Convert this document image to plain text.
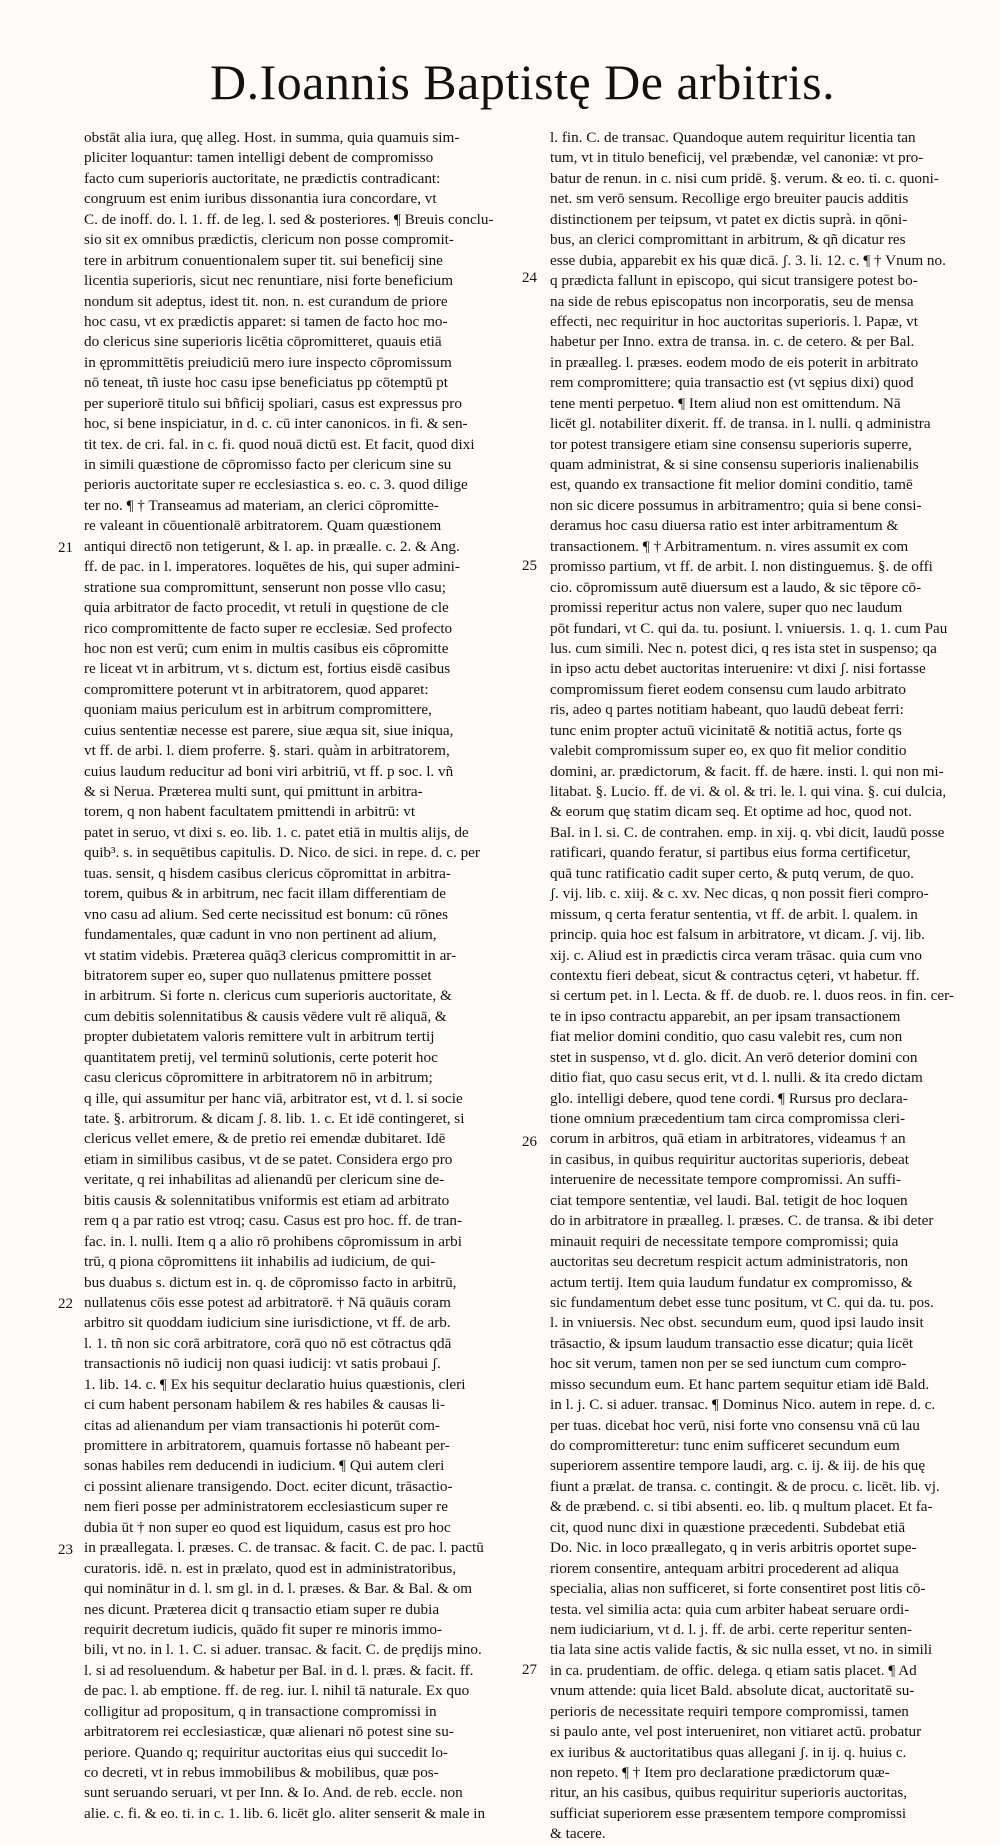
D.Ioannis Baptistę De arbitris.
obstāt alia iura, quę alleg. Host. in summa, quia quamuis sim-
pliciter loquantur: tamen intelligi debent de compromisso
facto cum superioris auctoritate, ne prædictis contradicant:
congruum est enim iuribus dissonantia iura concordare, vt
C. de inoff. do. l. 1. ff. de leg. l. sed & posteriores. ¶ Breuis conclu-
sio sit ex omnibus prædictis, clericum non posse compromit-
tere in arbitrum conuentionalem super tit. sui beneficij sine
licentia superioris, sicut nec renuntiare, nisi forte beneficium
nondum sit adeptus, idest tit. non. n. est curandum de priore
hoc casu, vt ex prædictis apparet: si tamen de facto hoc mo-
do clericus sine superioris licētia cōpromitteret, quauis etiā
in ęprommittētis preiudiciū mero iure inspecto cōpromissum
nō teneat, tñ iuste hoc casu ipse beneficiatus pp cōtemptū pt
per superiorē titulo sui bñficij spoliari, casus est expressus pro
hoc, si bene inspiciatur, in d. c. cū inter canonicos. in fi. & sen-
tit tex. de cri. fal. in c. fi. quod nouā dictū est. Et facit, quod dixi
in simili quæstione de cōpromisso facto per clericum sine su
perioris auctoritate super re ecclesiastica s. eo. c. 3. quod dilige
ter no. ¶ † Transeamus ad materiam, an clerici cōpromitte-
re valeant in cōuentionalē arbitratorem. Quam quæstionem
antiqui directō non tetigerunt, & l. ap. in præalle. c. 2. & Ang.
ff. de pac. in l. imperatores. loquētes de his, qui super admini-
stratione sua compromittunt, senserunt non posse vllo casu;
quia arbitrator de facto procedit, vt retuli in quęstione de cle
rico compromittente de facto super re ecclesiæ. Sed profecto
hoc non est verū; cum enim in multis casibus eis cōpromitte
re liceat vt in arbitrum, vt s. dictum est, fortius eisdē casibus
compromittere poterunt vt in arbitratorem, quod apparet:
quoniam maius periculum est in arbitrum compromittere,
cuius sententiæ necesse est parere, siue æqua sit, siue iniqua,
vt ff. de arbi. l. diem proferre. §. stari. quàm in arbitratorem,
cuius laudum reducitur ad boni viri arbitriū, vt ff. p soc. l. vñ
& si Nerua. Præterea multi sunt, qui pmittunt in arbitra-
torem, q non habent facultatem pmittendi in arbitrū: vt
patet in seruo, vt dixi s. eo. lib. 1. c. patet etiā in multis alijs, de
quib³. s. in sequētibus capitulis. D. Nico. de sici. in repe. d. c. per
tuas. sensit, q hisdem casibus clericus cōpromittat in arbitra-
torem, quibus & in arbitrum, nec facit illam differentiam de
vno casu ad alium. Sed certe necissitud est bonum: cū rōnes
fundamentales, quæ cadunt in vno non pertinent ad alium,
vt statim videbis. Præterea quāq3 clericus compromittit in ar-
bitratorem super eo, super quo nullatenus pmittere posset
in arbitrum. Si forte n. clericus cum superioris auctoritate, &
cum debitis solennitatibus & causis vēdere vult rē aliquā, &
propter dubietatem valoris remittere vult in arbitrum tertij
quantitatem pretij, vel terminū solutionis, certe poterit hoc
casu clericus cōpromittere in arbitratorem nō in arbitrum;
q ille, qui assumitur per hanc viā, arbitrator est, vt d. l. si socie
tate. §. arbitrorum. & dicam ʃ. 8. lib. 1. c. Et idē contingeret, si
clericus vellet emere, & de pretio rei emendæ dubitaret. Idē
etiam in similibus casibus, vt de se patet. Considera ergo pro
veritate, q rei inhabilitas ad alienandū per clericum sine de-
bitis causis & solennitatibus vniformis est etiam ad arbitrato
rem q a par ratio est vtroq; casu. Casus est pro hoc. ff. de tran-
fac. in. l. nulli. Item q a alio rō prohibens cōpromissum in arbi
trū, q piona cōpromittens iit inhabilis ad iudicium, de qui-
bus duabus s. dictum est in. q. de cōpromisso facto in arbitrū,
nullatenus cōis esse potest ad arbitratorē. † Nā quāuis coram
arbitro sit quoddam iudicium sine iurisdictione, vt ff. de arb.
l. 1. tñ non sic corā arbitratore, corā quo nō est cōtractus qdā
transactionis nō iudicij non quasi iudicij: vt satis probaui ʃ.
1. lib. 14. c. ¶ Ex his sequitur declaratio huius quæstionis, cleri
ci cum habent personam habilem & res habiles & causas li-
citas ad alienandum per viam transactionis hi poterūt com-
promittere in arbitratorem, quamuis fortasse nō habeant per-
sonas habiles rem deducendi in iudicium. ¶ Qui autem cleri
ci possint alienare transigendo. Doct. eciter dicunt, trāsactio-
nem fieri posse per administratorem ecclesiasticum super re
dubia ūt † non super eo quod est liquidum, casus est pro hoc
in præallegata. l. præses. C. de transac. & facit. C. de pac. l. pactū
curatoris. idē. n. est in prælato, quod est in administratoribus,
qui nominātur in d. l. sm gl. in d. l. præses. & Bar. & Bal. & om
nes dicunt. Præterea dicit q transactio etiam super re dubia
requirit decretum iudicis, quādo fit super re minoris immo-
bili, vt no. in l. 1. C. si aduer. transac. & facit. C. de prędijs mino.
l. si ad resoluendum. & habetur per Bal. in d. l. præs. & facit. ff.
de pac. l. ab emptione. ff. de reg. iur. l. nihil tā naturale. Ex quo
colligitur ad propositum, q in transactione compromissi in
arbitratorem rei ecclesiasticæ, quæ alienari nō potest sine su-
periore. Quando q; requiritur auctoritas eius qui succedit lo-
co decreti, vt in rebus immobilibus & mobilibus, quæ pos-
sunt seruando seruari, vt per Inn. & Io. And. de reb. eccle. non
alie. c. fi. & eo. ti. in c. 1. lib. 6. licēt glo. aliter senserit & male in
l. fin. C. de transac. Quandoque autem requiritur licentia tan
tum, vt in titulo beneficij, vel præbendæ, vel canoniæ: vt pro-
batur de renun. in c. nisi cum pridē. §. verum. & eo. ti. c. quoni-
net. sm verō sensum. Recollige ergo breuiter paucis additis
distinctionem per teipsum, vt patet ex dictis suprà. in qōni-
bus, an clerici compromittant in arbitrum, & qñ dicatur res
esse dubia, apparebit ex his quæ dicā. ʃ. 3. li. 12. c. ¶ † Vnum no.
q prædicta fallunt in episcopo, qui sicut transigere potest bo-
na side de rebus episcopatus non incorporatis, seu de mensa
effecti, nec requiritur in hoc auctoritas superioris. l. Papæ, vt
habetur per Inno. extra de transa. in. c. de cetero. & per Bal.
in præalleg. l. præses. eodem modo de eis poterit in arbitrato
rem compromittere; quia transactio est (vt sępius dixi) quod
tene menti perpetuo. ¶ Item aliud non est omittendum. Nā
licēt gl. notabiliter dixerit. ff. de transa. in l. nulli. q administra
tor potest transigere etiam sine consensu superioris superre,
quam administrat, & si sine consensu superioris inalienabilis
est, quando ex transactione fit melior domini conditio, tamē
non sic dicere possumus in arbitramentro; quia si bene consi-
deramus hoc casu diuersa ratio est inter arbitramentum &
transactionem. ¶ † Arbitramentum. n. vires assumit ex com
promisso partium, vt ff. de arbit. l. non distinguemus. §. de offi
cio. cōpromissum autē diuersum est a laudo, & sic tēpore cō-
promissi reperitur actus non valere, super quo nec laudum
pōt fundari, vt C. qui da. tu. posiunt. l. vniuersis. 1. q. 1. cum Pau
lus. cum simili. Nec n. potest dici, q res ista stet in suspenso; qa
in ipso actu debet auctoritas interuenire: vt dixi ʃ. nisi fortasse
compromissum fieret eodem consensu cum laudo arbitrato
ris, adeo q partes notitiam habeant, quo laudū debeat ferri:
tunc enim propter actuū vicinitatē & notitiā actus, forte qs
valebit compromissum super eo, ex quo fit melior conditio
domini, ar. prædictorum, & facit. ff. de hære. insti. l. qui non mi-
litabat. §. Lucio. ff. de vi. & ol. & tri. le. l. qui vina. §. cui dulcia,
& eorum quę statim dicam seq. Et optime ad hoc, quod not.
Bal. in l. si. C. de contrahen. emp. in xij. q. vbi dicit, laudū posse
ratificari, quando feratur, si partibus eius forma certificetur,
quā tunc ratificatio cadit super certo, & putq verum, de quo.
ʃ. vij. lib. c. xiij. & c. xv. Nec dicas, q non possit fieri compro-
missum, q certa feratur sententia, vt ff. de arbit. l. qualem. in
princip. quia hoc est falsum in arbitratore, vt dicam. ʃ. vij. lib.
xij. c. Aliud est in prædictis circa veram trāsac. quia cum vno
contextu fieri debeat, sicut & contractus cęteri, vt habetur. ff.
si certum pet. in l. Lecta. & ff. de duob. re. l. duos reos. in fin. cer-
te in ipso contractu apparebit, an per ipsam transactionem
fiat melior domini conditio, quo casu valebit res, cum non
stet in suspenso, vt d. glo. dicit. An verō deterior domini con
ditio fiat, quo casu secus erit, vt d. l. nulli. & ita credo dictam
glo. intelligi debere, quod tene cordi. ¶ Rursus pro declara-
tione omnium præcedentium tam circa compromissa cleri-
corum in arbitros, quā etiam in arbitratores, videamus † an
in casibus, in quibus requiritur auctoritas superioris, debeat
interuenire de necessitate tempore compromissi. An suffi-
ciat tempore sententiæ, vel laudi. Bal. tetigit de hoc loquen
do in arbitratore in præalleg. l. præses. C. de transa. & ibi deter
minauit requiri de necessitate tempore compromissi; quia
auctoritas seu decretum respicit actum administratoris, non
actum tertij. Item quia laudum fundatur ex compromisso, &
sic fundamentum debet esse tunc positum, vt C. qui da. tu. pos.
l. in vniuersis. Nec obst. secundum eum, quod ipsi laudo insit
trāsactio, & ipsum laudum transactio esse dicatur; quia licēt
hoc sit verum, tamen non per se sed iunctum cum compro-
misso secundum eum. Et hanc partem sequitur etiam idē Bald.
in l. j. C. si aduer. transac. ¶ Dominus Nico. autem in repe. d. c.
per tuas. dicebat hoc verū, nisi forte vno consensu vnā cū lau
do compromitteretur: tunc enim sufficeret secundum eum
superiorem assentire tempore laudi, arg. c. ij. & iij. de his quę
fiunt a prælat. de transa. c. contingit. & de procu. c. licēt. lib. vj.
& de præbend. c. si tibi absenti. eo. lib. q multum placet. Et fa-
cit, quod nunc dixi in quæstione præcedenti. Subdebat etiā
Do. Nic. in loco præallegato, q in veris arbitris oportet supe-
riorem consentire, antequam arbitri procederent ad aliqua
specialia, alias non sufficeret, si forte consentiret post litis cō-
testa. vel similia acta: quia cum arbiter habeat seruare ordi-
nem iudiciarium, vt d. l. j. ff. de arbi. certe reperitur senten-
tia lata sine actis valide factis, & sic nulla esset, vt no. in simili
in ca. prudentiam. de offic. delega. q etiam satis placet. ¶ Ad
vnum attende: quia licet Bald. absolute dicat, auctoritatē su-
perioris de necessitate requiri tempore compromissi, tamen
si paulo ante, vel post interueniret, non vitiaret actū. probatur
ex iuribus & auctoritatibus quas allegani ʃ. in ij. q. huius c.
non repeto. ¶ † Item pro declaratione prædictorum quæ-
ritur, an his casibus, quibus requiritur superioris auctoritas,
sufficiat superiorem esse præsentem tempore compromissi
& tacere.
21
22
23
24
25
26
27
